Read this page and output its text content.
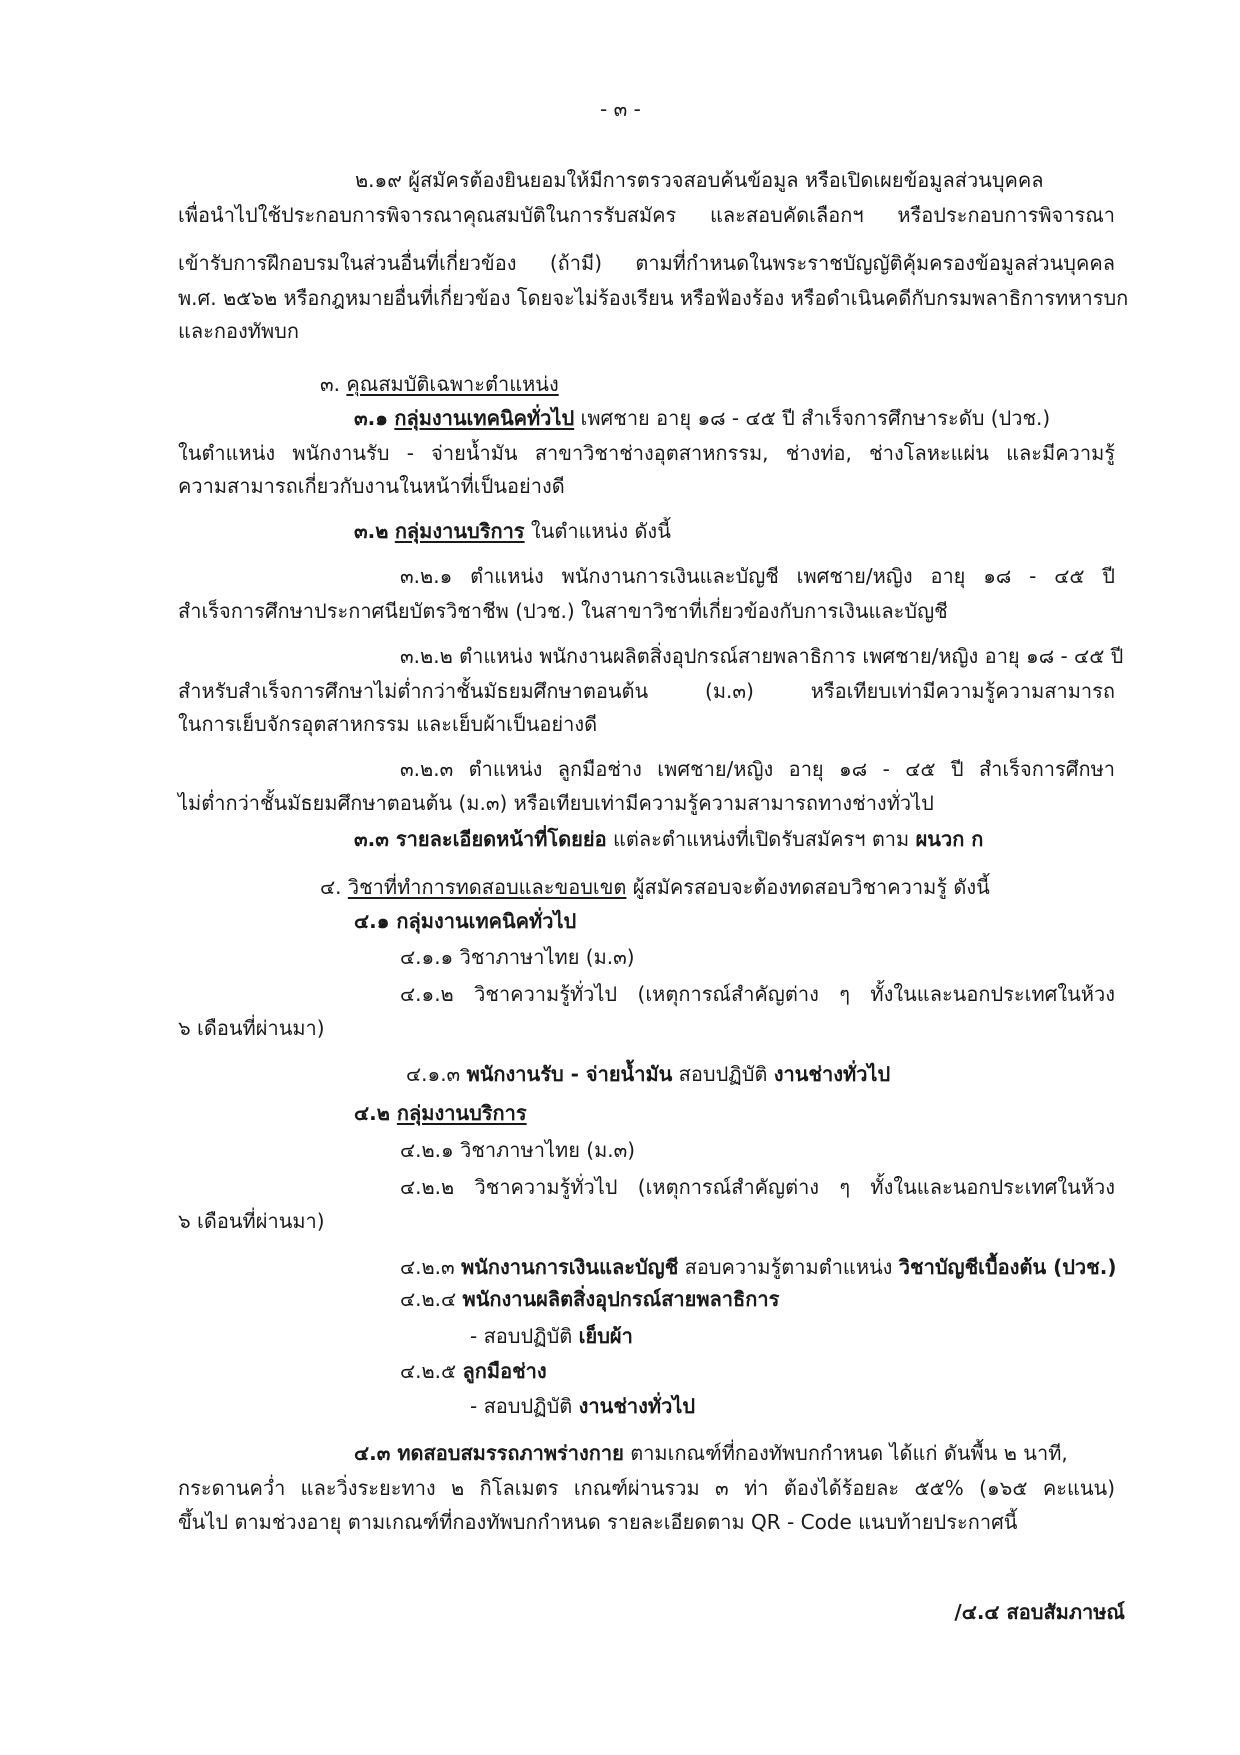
- ๓ -
๒.๑๙ ผู้สมัครต้องยินยอมให้มีการตรวจสอบค้นข้อมูล หรือเปิดเผยข้อมูลส่วนบุคคล
เพื่อนำไปใช้ประกอบการพิจารณาคุณสมบัติในการรับสมัคร และสอบคัดเลือกฯ หรือประกอบการพิจารณา
เข้ารับการฝึกอบรมในส่วนอื่นที่เกี่ยวข้อง (ถ้ามี) ตามที่กำหนดในพระราชบัญญัติคุ้มครองข้อมูลส่วนบุคคล
พ.ศ. ๒๕๖๒ หรือกฎหมายอื่นที่เกี่ยวข้อง โดยจะไม่ร้องเรียน หรือฟ้องร้อง หรือดำเนินคดีกับกรมพลาธิการทหารบก
และกองทัพบก
๓. คุณสมบัติเฉพาะตำแหน่ง
๓.๑ กลุ่มงานเทคนิคทั่วไป เพศชาย อายุ ๑๘ - ๔๕ ปี สำเร็จการศึกษาระดับ (ปวช.)
ในตำแหน่ง พนักงานรับ - จ่ายน้ำมัน สาขาวิชาช่างอุตสาหกรรม, ช่างท่อ, ช่างโลหะแผ่น และมีความรู้
ความสามารถเกี่ยวกับงานในหน้าที่เป็นอย่างดี
๓.๒ กลุ่มงานบริการ ในตำแหน่ง ดังนี้
๓.๒.๑ ตำแหน่ง พนักงานการเงินและบัญชี เพศชาย/หญิง อายุ ๑๘ - ๔๕ ปี
สำเร็จการศึกษาประกาศนียบัตรวิชาชีพ (ปวช.) ในสาขาวิชาที่เกี่ยวข้องกับการเงินและบัญชี
๓.๒.๒ ตำแหน่ง พนักงานผลิตสิ่งอุปกรณ์สายพลาธิการ เพศชาย/หญิง อายุ ๑๘ - ๔๕ ปี
สำหรับสำเร็จการศึกษาไม่ต่ำกว่าชั้นมัธยมศึกษาตอนต้น (ม.๓) หรือเทียบเท่ามีความรู้ความสามารถ
ในการเย็บจักรอุตสาหกรรม และเย็บผ้าเป็นอย่างดี
๓.๒.๓ ตำแหน่ง ลูกมือช่าง เพศชาย/หญิง อายุ ๑๘ - ๔๕ ปี สำเร็จการศึกษา
ไม่ต่ำกว่าชั้นมัธยมศึกษาตอนต้น (ม.๓) หรือเทียบเท่ามีความรู้ความสามารถทางช่างทั่วไป
๓.๓ รายละเอียดหน้าที่โดยย่อ แต่ละตำแหน่งที่เปิดรับสมัครฯ ตาม ผนวก ก
๔. วิชาที่ทำการทดสอบและขอบเขต ผู้สมัครสอบจะต้องทดสอบวิชาความรู้ ดังนี้
๔.๑ กลุ่มงานเทคนิคทั่วไป
๔.๑.๑ วิชาภาษาไทย (ม.๓)
๔.๑.๒ วิชาความรู้ทั่วไป (เหตุการณ์สำคัญต่าง ๆ ทั้งในและนอกประเทศในห้วง
๖ เดือนที่ผ่านมา)
๔.๑.๓ พนักงานรับ - จ่ายน้ำมัน สอบปฏิบัติ งานช่างทั่วไป
๔.๒ กลุ่มงานบริการ
๔.๒.๑ วิชาภาษาไทย (ม.๓)
๔.๒.๒ วิชาความรู้ทั่วไป (เหตุการณ์สำคัญต่าง ๆ ทั้งในและนอกประเทศในห้วง
๖ เดือนที่ผ่านมา)
๔.๒.๓ พนักงานการเงินและบัญชี สอบความรู้ตามตำแหน่ง วิชาบัญชีเบื้องต้น (ปวช.)
๔.๒.๔ พนักงานผลิตสิ่งอุปกรณ์สายพลาธิการ
- สอบปฏิบัติ เย็บผ้า
๔.๒.๕ ลูกมือช่าง
- สอบปฏิบัติ งานช่างทั่วไป
๔.๓ ทดสอบสมรรถภาพร่างกาย ตามเกณฑ์ที่กองทัพบกกำหนด ได้แก่ ดันพื้น ๒ นาที,
กระดานคว่ำ และวิ่งระยะทาง ๒ กิโลเมตร เกณฑ์ผ่านรวม ๓ ท่า ต้องได้ร้อยละ ๕๕% (๑๖๕ คะแนน)
ขึ้นไป ตามช่วงอายุ ตามเกณฑ์ที่กองทัพบกกำหนด รายละเอียดตาม QR - Code แนบท้ายประกาศนี้
/๔.๔ สอบสัมภาษณ์
